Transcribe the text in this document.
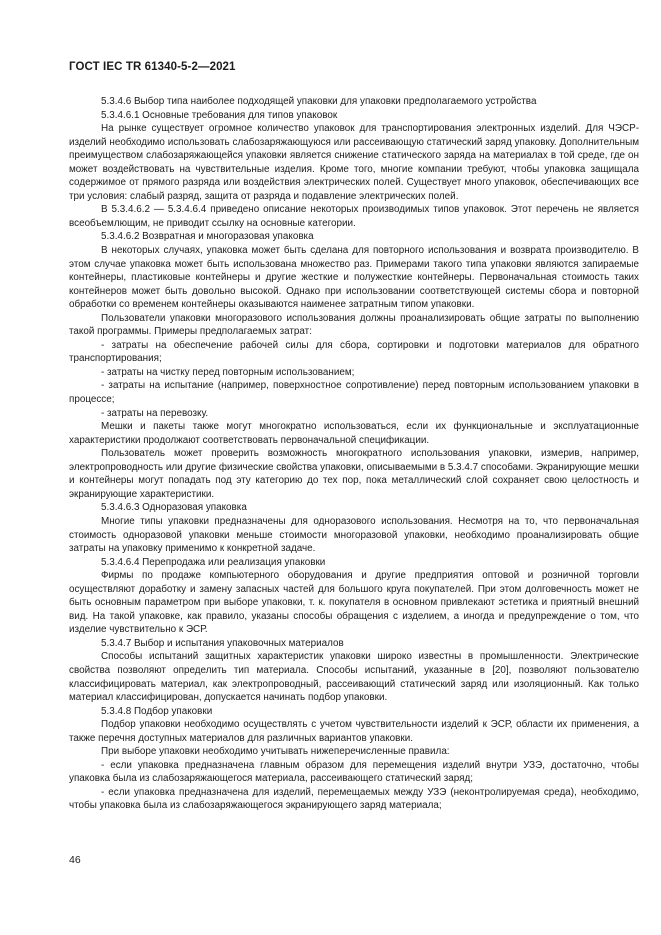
ГОСТ IEC TR 61340-5-2—2021

5.3.4.6 Выбор типа наиболее подходящей упаковки для упаковки предполагаемого устройства

5.3.4.6.1 Основные требования для типов упаковок

На рынке существует огромное количество упаковок для транспортирования электронных изделий. Для ЧЭСР-изделий необходимо использовать слабозаряжающуюся или рассеивающую статический заряд упаковку. Дополнительным преимуществом слабозаряжающейся упаковки является снижение статического заряда на материалах в той среде, где он может воздействовать на чувствительные изделия. Кроме того, многие компании требуют, чтобы упаковка защищала содержимое от прямого разряда или воздействия электрических полей. Существует много упаковок, обеспечивающих все три условия: слабый разряд, защита от разряда и подавление электрических полей.

В 5.3.4.6.2 — 5.3.4.6.4 приведено описание некоторых производимых типов упаковок. Этот перечень не является всеобъемлющим, не приводит ссылку на основные категории.

5.3.4.6.2 Возвратная и многоразовая упаковка

В некоторых случаях, упаковка может быть сделана для повторного использования и возврата производителю. В этом случае упаковка может быть использована множество раз. Примерами такого типа упаковки являются запираемые контейнеры, пластиковые контейнеры и другие жесткие и полужесткие контейнеры. Первоначальная стоимость таких контейнеров может быть довольно высокой. Однако при использовании соответствующей системы сбора и повторной обработки со временем контейнеры оказываются наименее затратным типом упаковки.

Пользователи упаковки многоразового использования должны проанализировать общие затраты по выполнению такой программы. Примеры предполагаемых затрат:

- затраты на обеспечение рабочей силы для сбора, сортировки и подготовки материалов для обратного транспортирования;

- затраты на чистку перед повторным использованием;

- затраты на испытание (например, поверхностное сопротивление) перед повторным использованием упаковки в процессе;

- затраты на перевозку.

Мешки и пакеты также могут многократно использоваться, если их функциональные и эксплуатационные характеристики продолжают соответствовать первоначальной спецификации.

Пользователь может проверить возможность многократного использования упаковки, измерив, например, электропроводность или другие физические свойства упаковки, описываемыми в 5.3.4.7 способами. Экранирующие мешки и контейнеры могут попадать под эту категорию до тех пор, пока металлический слой сохраняет свою целостность и экранирующие характеристики.

5.3.4.6.3 Одноразовая упаковка

Многие типы упаковки предназначены для одноразового использования. Несмотря на то, что первоначальная стоимость одноразовой упаковки меньше стоимости многоразовой упаковки, необходимо проанализировать общие затраты на упаковку применимо к конкретной задаче.

5.3.4.6.4 Перепродажа или реализация упаковки

Фирмы по продаже компьютерного оборудования и другие предприятия оптовой и розничной торговли осуществляют доработку и замену запасных частей для большого круга покупателей. При этом долговечность может не быть основным параметром при выборе упаковки, т. к. покупателя в основном привлекают эстетика и приятный внешний вид. На такой упаковке, как правило, указаны способы обращения с изделием, а иногда и предупреждение о том, что изделие чувствительно к ЭСР.

5.3.4.7 Выбор и испытания упаковочных материалов

Способы испытаний защитных характеристик упаковки широко известны в промышленности. Электрические свойства позволяют определить тип материала. Способы испытаний, указанные в [20], позволяют пользователю классифицировать материал, как электропроводный, рассеивающий статический заряд или изоляционный. Как только материал классифицирован, допускается начинать подбор упаковки.

5.3.4.8 Подбор упаковки

Подбор упаковки необходимо осуществлять с учетом чувствительности изделий к ЭСР, области их применения, а также перечня доступных материалов для различных вариантов упаковки.

При выборе упаковки необходимо учитывать нижеперечисленные правила:

- если упаковка предназначена главным образом для перемещения изделий внутри УЗЭ, достаточно, чтобы упаковка была из слабозаряжающегося материала, рассеивающего статический заряд;

- если упаковка предназначена для изделий, перемещаемых между УЗЭ (неконтролируемая среда), необходимо, чтобы упаковка была из слабозаряжающегося экранирующего заряд материала;

46
